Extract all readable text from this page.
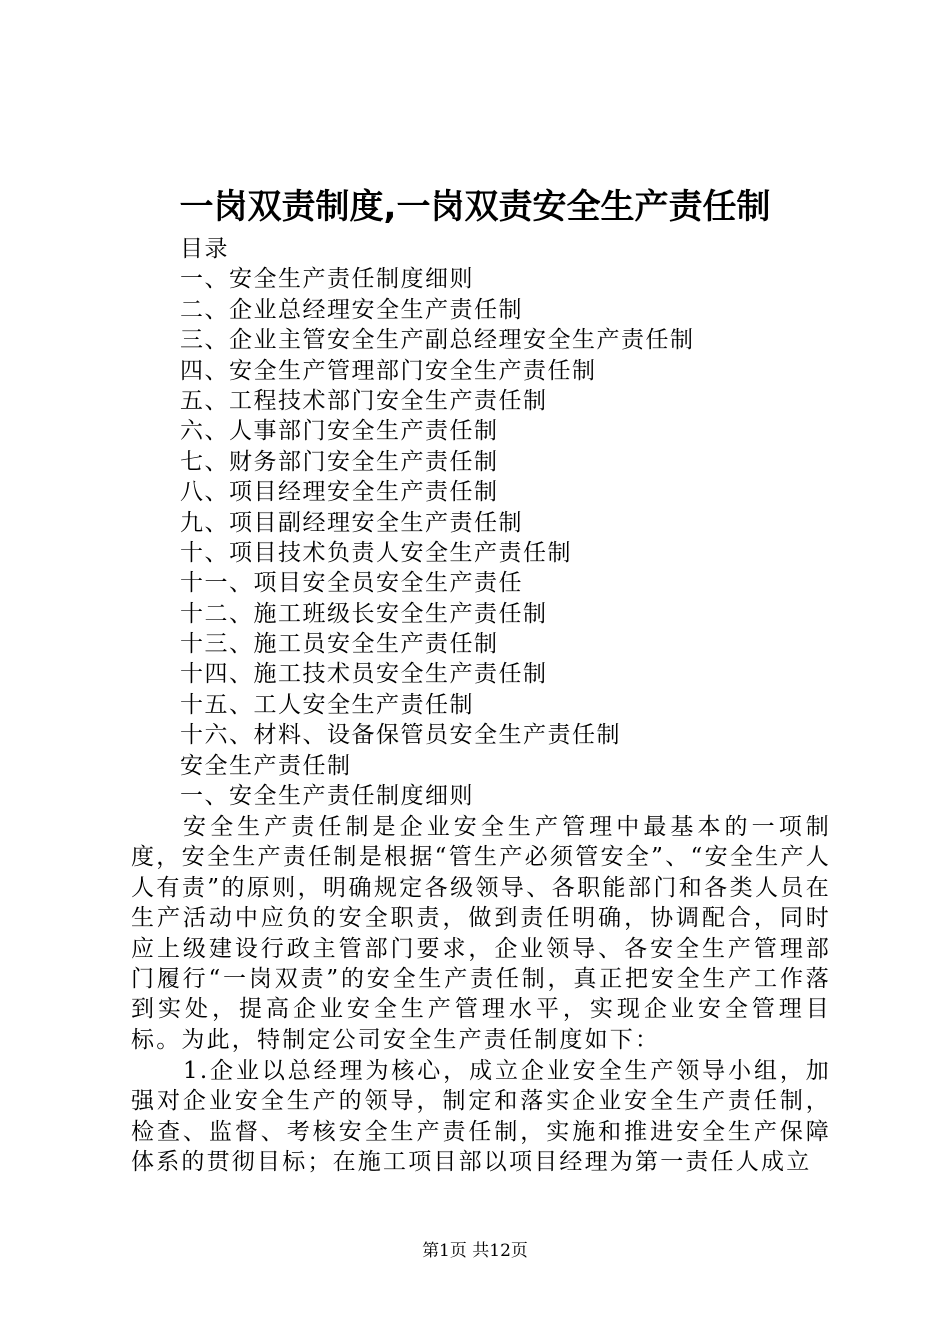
一岗双责制度,一岗双责安全生产责任制
目录
一、安全生产责任制度细则
二、企业总经理安全生产责任制
三、企业主管安全生产副总经理安全生产责任制
四、安全生产管理部门安全生产责任制
五、工程技术部门安全生产责任制
六、人事部门安全生产责任制
七、财务部门安全生产责任制
八、项目经理安全生产责任制
九、项目副经理安全生产责任制
十、项目技术负责人安全生产责任制
十一、项目安全员安全生产责任
十二、施工班级长安全生产责任制
十三、施工员安全生产责任制
十四、施工技术员安全生产责任制
十五、工人安全生产责任制
十六、材料、设备保管员安全生产责任制
安全生产责任制
一、安全生产责任制度细则

安全生产责任制是企业安全生产管理中最基本的一项制度，安全生产责任制是根据“管生产必须管安全”、“安全生产人人有责”的原则，明确规定各级领导、各职能部门和各类人员在生产活动中应负的安全职责，做到责任明确，协调配合，同时应上级建设行政主管部门要求，企业领导、各安全生产管理部门履行“一岗双责”的安全生产责任制，真正把安全生产工作落到实处，提高企业安全生产管理水平，实现企业安全管理目标。为此，特制定公司安全生产责任制度如下：

1.企业以总经理为核心，成立企业安全生产领导小组，加强对企业安全生产的领导，制定和落实企业安全生产责任制，检查、监督、考核安全生产责任制，实施和推进安全生产保障体系的贯彻目标；在施工项目部以项目经理为第一责任人成立

第1页 共12页
